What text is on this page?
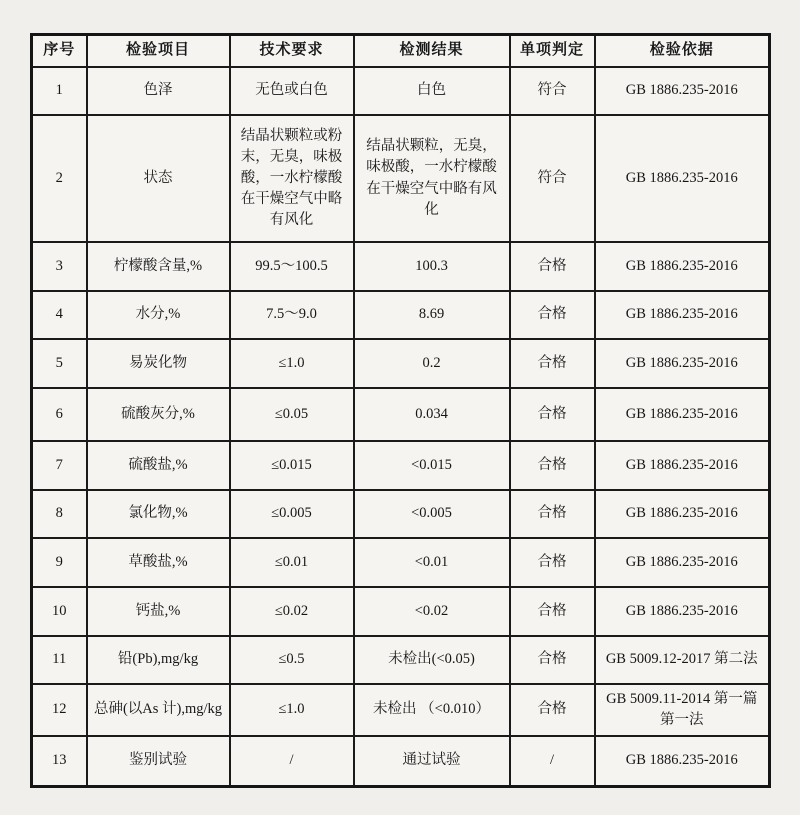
序号	检验项目	技术要求	检测结果	单项判定	检验依据
1	色泽	无色或白色	白色	符合	GB 1886.235-2016
2	状态	结晶状颗粒或粉末，无臭，味极酸，一水柠檬酸在干燥空气中略有风化	结晶状颗粒，无臭，味极酸，一水柠檬酸在干燥空气中略有风化	符合	GB 1886.235-2016
3	柠檬酸含量,%	99.5～100.5	100.3	合格	GB 1886.235-2016
4	水分,%	7.5～9.0	8.69	合格	GB 1886.235-2016
5	易炭化物	≤1.0	0.2	合格	GB 1886.235-2016
6	硫酸灰分,%	≤0.05	0.034	合格	GB 1886.235-2016
7	硫酸盐,%	≤0.015	<0.015	合格	GB 1886.235-2016
8	氯化物,%	≤0.005	<0.005	合格	GB 1886.235-2016
9	草酸盐,%	≤0.01	<0.01	合格	GB 1886.235-2016
10	钙盐,%	≤0.02	<0.02	合格	GB 1886.235-2016
11	铅(Pb),mg/kg	≤0.5	未检出(<0.05)	合格	GB 5009.12-2017 第二法
12	总砷(以As 计),mg/kg	≤1.0	未检出 （<0.010）	合格	GB 5009.11-2014 第一篇第一法
13	鉴别试验	/	通过试验	/	GB 1886.235-2016
